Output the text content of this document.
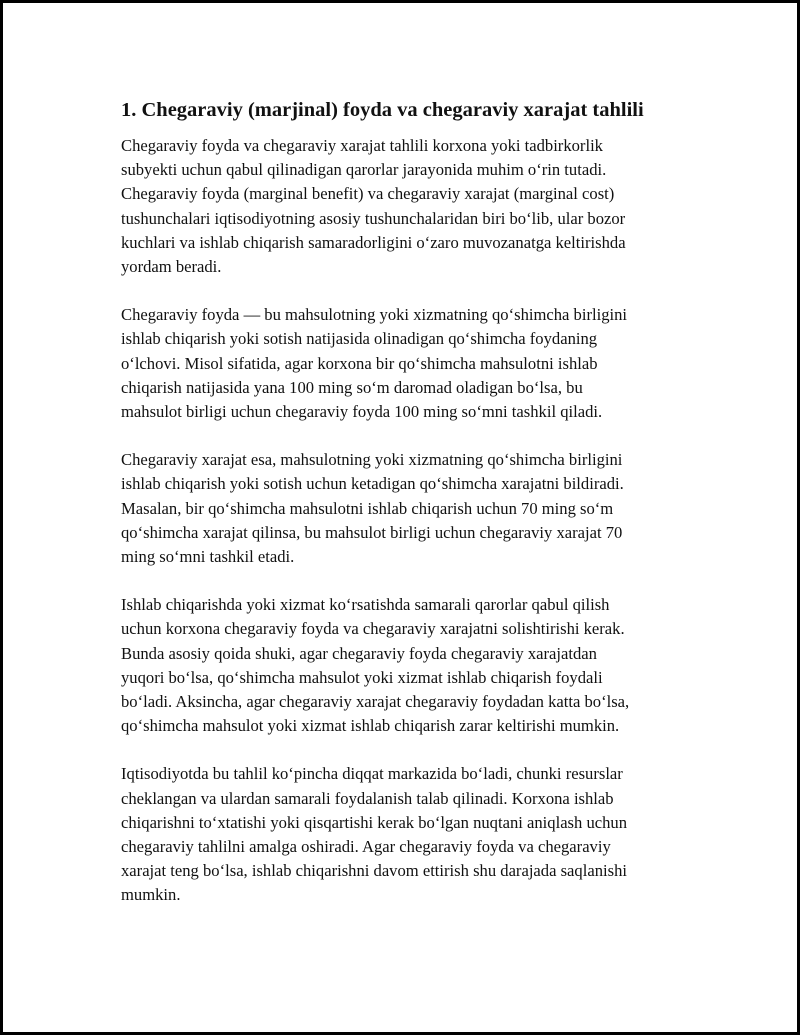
1. Chegaraviy (marjinal) foyda va chegaraviy xarajat tahlili

Chegaraviy foyda va chegaraviy xarajat tahlili korxona yoki tadbirkorlik
subyekti uchun qabul qilinadigan qarorlar jarayonida muhim o‘rin tutadi.
Chegaraviy foyda (marginal benefit) va chegaraviy xarajat (marginal cost)
tushunchalari iqtisodiyotning asosiy tushunchalaridan biri bo‘lib, ular bozor
kuchlari va ishlab chiqarish samaradorligini o‘zaro muvozanatga keltirishda
yordam beradi.

Chegaraviy foyda — bu mahsulotning yoki xizmatning qo‘shimcha birligini
ishlab chiqarish yoki sotish natijasida olinadigan qo‘shimcha foydaning
o‘lchovi. Misol sifatida, agar korxona bir qo‘shimcha mahsulotni ishlab
chiqarish natijasida yana 100 ming so‘m daromad oladigan bo‘lsa, bu
mahsulot birligi uchun chegaraviy foyda 100 ming so‘mni tashkil qiladi.

Chegaraviy xarajat esa, mahsulotning yoki xizmatning qo‘shimcha birligini
ishlab chiqarish yoki sotish uchun ketadigan qo‘shimcha xarajatni bildiradi.
Masalan, bir qo‘shimcha mahsulotni ishlab chiqarish uchun 70 ming so‘m
qo‘shimcha xarajat qilinsa, bu mahsulot birligi uchun chegaraviy xarajat 70
ming so‘mni tashkil etadi.

Ishlab chiqarishda yoki xizmat ko‘rsatishda samarali qarorlar qabul qilish
uchun korxona chegaraviy foyda va chegaraviy xarajatni solishtirishi kerak.
Bunda asosiy qoida shuki, agar chegaraviy foyda chegaraviy xarajatdan
yuqori bo‘lsa, qo‘shimcha mahsulot yoki xizmat ishlab chiqarish foydali
bo‘ladi. Aksincha, agar chegaraviy xarajat chegaraviy foydadan katta bo‘lsa,
qo‘shimcha mahsulot yoki xizmat ishlab chiqarish zarar keltirishi mumkin.

Iqtisodiyotda bu tahlil ko‘pincha diqqat markazida bo‘ladi, chunki resurslar
cheklangan va ulardan samarali foydalanish talab qilinadi. Korxona ishlab
chiqarishni to‘xtatishi yoki qisqartishi kerak bo‘lgan nuqtani aniqlash uchun
chegaraviy tahlilni amalga oshiradi. Agar chegaraviy foyda va chegaraviy
xarajat teng bo‘lsa, ishlab chiqarishni davom ettirish shu darajada saqlanishi
mumkin.
